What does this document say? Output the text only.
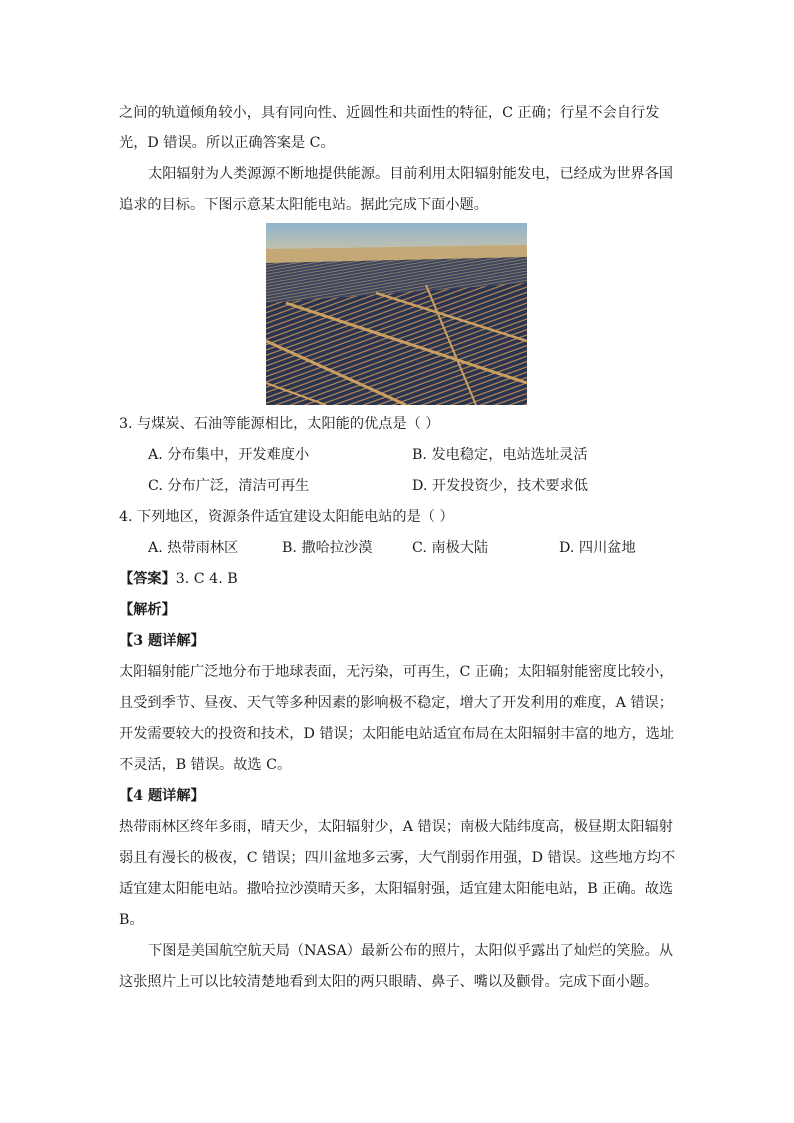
之间的轨道倾角较小，具有同向性、近圆性和共面性的特征，C 正确；行星不会自行发
光，D 错误。所以正确答案是 C。
太阳辐射为人类源源不断地提供能源。目前利用太阳辐射能发电，已经成为世界各国
追求的目标。下图示意某太阳能电站。据此完成下面小题。
3. 与煤炭、石油等能源相比，太阳能的优点是（ ）
A. 分布集中，开发难度小	B. 发电稳定，电站选址灵活
C. 分布广泛，清洁可再生	D. 开发投资少，技术要求低
4. 下列地区，资源条件适宜建设太阳能电站的是（ ）
A. 热带雨林区	B. 撒哈拉沙漠	C. 南极大陆	D. 四川盆地
【答案】3. C 4. B
【解析】
【3 题详解】
太阳辐射能广泛地分布于地球表面，无污染，可再生，C 正确；太阳辐射能密度比较小，
且受到季节、昼夜、天气等多种因素的影响极不稳定，增大了开发利用的难度，A 错误；
开发需要较大的投资和技术，D 错误；太阳能电站适宜布局在太阳辐射丰富的地方，选址
不灵活，B 错误。故选 C。
【4 题详解】
热带雨林区终年多雨，晴天少，太阳辐射少，A 错误；南极大陆纬度高，极昼期太阳辐射
弱且有漫长的极夜，C 错误；四川盆地多云雾，大气削弱作用强，D 错误。这些地方均不
适宜建太阳能电站。撒哈拉沙漠晴天多，太阳辐射强，适宜建太阳能电站，B 正确。故选
B。
下图是美国航空航天局（NASA）最新公布的照片，太阳似乎露出了灿烂的笑脸。从
这张照片上可以比较清楚地看到太阳的两只眼睛、鼻子、嘴以及颧骨。完成下面小题。
